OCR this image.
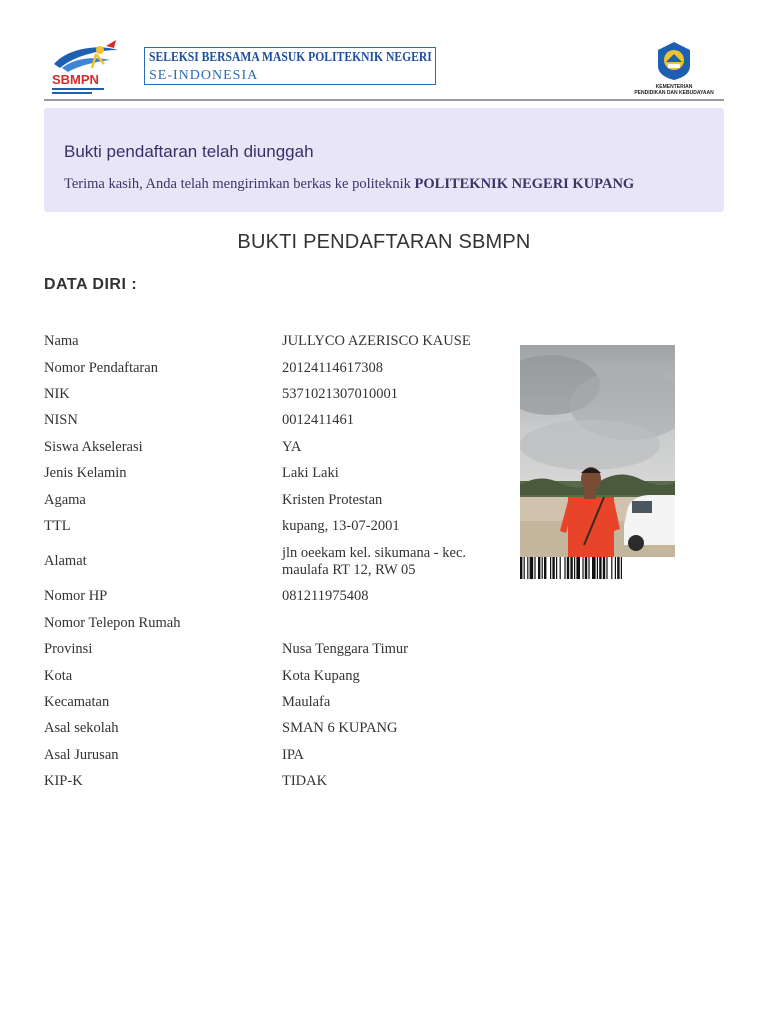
SBMPN
SELEKSI BERSAMA MASUK POLITEKNIK NEGERI
SE-INDONESIA
KEMENTERIAN
PENDIDIKAN DAN KEBUDAYAAN
Bukti pendaftaran telah diunggah
Terima kasih, Anda telah mengirimkan berkas ke politeknik POLITEKNIK NEGERI KUPANG
BUKTI PENDAFTARAN SBMPN
DATA DIRI :
Nama	JULLYCO AZERISCO KAUSE
Nomor Pendaftaran	20124114617308
NIK	5371021307010001
NISN	0012411461
Siswa Akselerasi	YA
Jenis Kelamin	Laki Laki
Agama	Kristen Protestan
TTL	kupang, 13-07-2001
Alamat	jln oeekam kel. sikumana - kec. maulafa RT 12, RW 05
Nomor HP	081211975408
Nomor Telepon Rumah
Provinsi	Nusa Tenggara Timur
Kota	Kota Kupang
Kecamatan	Maulafa
Asal sekolah	SMAN 6 KUPANG
Asal Jurusan	IPA
KIP-K	TIDAK
